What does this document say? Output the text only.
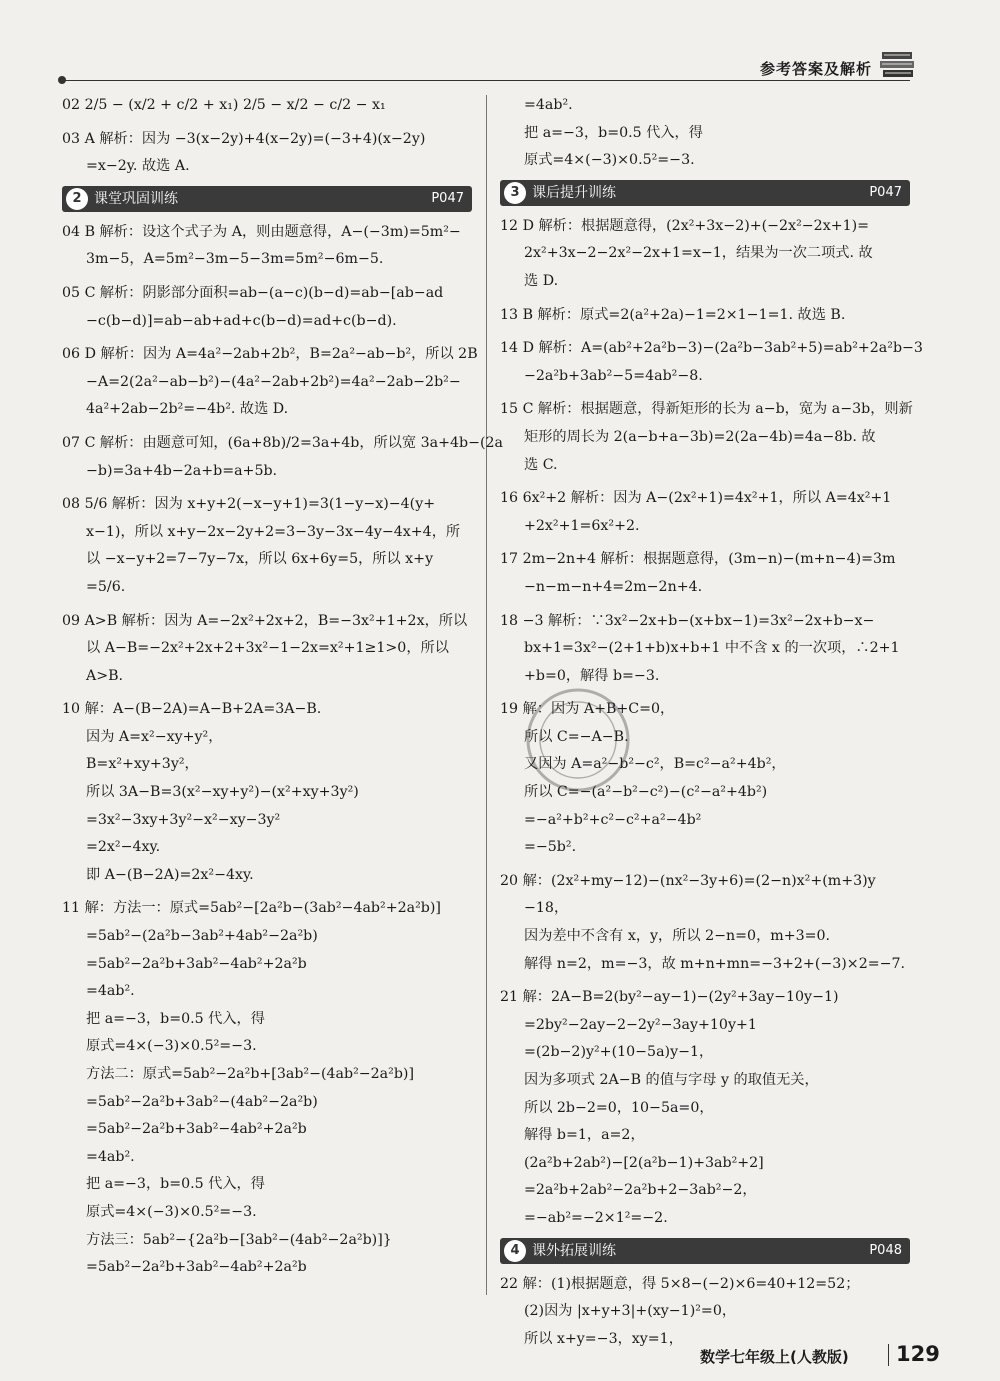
参考答案及解析
02 2/5 − (x/2 + c/2 + x₁) 2/5 − x/2 − c/2 − x₁
03 A 解析：因为 −3(x−2y)+4(x−2y)=(−3+4)(x−2y)
=x−2y. 故选 A.
2 课堂巩固训练	P047
04 B 解析：设这个式子为 A，则由题意得，A−(−3m)=5m²−
3m−5，A=5m²−3m−5−3m=5m²−6m−5.
05 C 解析：阴影部分面积=ab−(a−c)(b−d)=ab−[ab−ad
−c(b−d)]=ab−ab+ad+c(b−d)=ad+c(b−d).
06 D 解析：因为 A=4a²−2ab+2b²，B=2a²−ab−b²，所以 2B
−A=2(2a²−ab−b²)−(4a²−2ab+2b²)=4a²−2ab−2b²−
4a²+2ab−2b²=−4b². 故选 D.
07 C 解析：由题意可知，(6a+8b)/2=3a+4b，所以宽 3a+4b−(2a
−b)=3a+4b−2a+b=a+5b.
08 5/6 解析：因为 x+y+2(−x−y+1)=3(1−y−x)−4(y+
x−1)，所以 x+y−2x−2y+2=3−3y−3x−4y−4x+4，所
以 −x−y+2=7−7y−7x，所以 6x+6y=5，所以 x+y
=5/6.
09 A>B 解析：因为 A=−2x²+2x+2，B=−3x²+1+2x，所以
以 A−B=−2x²+2x+2+3x²−1−2x=x²+1≥1>0，所以
A>B.
10 解：A−(B−2A)=A−B+2A=3A−B.
因为 A=x²−xy+y²，
B=x²+xy+3y²，
所以 3A−B=3(x²−xy+y²)−(x²+xy+3y²)
=3x²−3xy+3y²−x²−xy−3y²
=2x²−4xy.
即 A−(B−2A)=2x²−4xy.
11 解：方法一：原式=5ab²−[2a²b−(3ab²−4ab²+2a²b)]
=5ab²−(2a²b−3ab²+4ab²−2a²b)
=5ab²−2a²b+3ab²−4ab²+2a²b
=4ab².
把 a=−3，b=0.5 代入，得
原式=4×(−3)×0.5²=−3.
方法二：原式=5ab²−2a²b+[3ab²−(4ab²−2a²b)]
=5ab²−2a²b+3ab²−(4ab²−2a²b)
=5ab²−2a²b+3ab²−4ab²+2a²b
=4ab².
把 a=−3，b=0.5 代入，得
原式=4×(−3)×0.5²=−3.
方法三：5ab²−{2a²b−[3ab²−(4ab²−2a²b)]}
=5ab²−2a²b+3ab²−4ab²+2a²b
=4ab².
把 a=−3，b=0.5 代入，得
原式=4×(−3)×0.5²=−3.
3 课后提升训练	P047
12 D 解析：根据题意得，(2x²+3x−2)+(−2x²−2x+1)=
2x²+3x−2−2x²−2x+1=x−1，结果为一次二项式. 故
选 D.
13 B 解析：原式=2(a²+2a)−1=2×1−1=1. 故选 B.
14 D 解析：A=(ab²+2a²b−3)−(2a²b−3ab²+5)=ab²+2a²b−3
−2a²b+3ab²−5=4ab²−8.
15 C 解析：根据题意，得新矩形的长为 a−b，宽为 a−3b，则新
矩形的周长为 2(a−b+a−3b)=2(2a−4b)=4a−8b. 故
选 C.
16 6x²+2 解析：因为 A−(2x²+1)=4x²+1，所以 A=4x²+1
+2x²+1=6x²+2.
17 2m−2n+4 解析：根据题意得，(3m−n)−(m+n−4)=3m
−n−m−n+4=2m−2n+4.
18 −3 解析：∵3x²−2x+b−(x+bx−1)=3x²−2x+b−x−
bx+1=3x²−(2+1+b)x+b+1 中不含 x 的一次项，∴2+1
+b=0，解得 b=−3.
19 解：因为 A+B+C=0，
所以 C=−A−B.
又因为 A=a²−b²−c²，B=c²−a²+4b²，
所以 C=−(a²−b²−c²)−(c²−a²+4b²)
=−a²+b²+c²−c²+a²−4b²
=−5b².
20 解：(2x²+my−12)−(nx²−3y+6)=(2−n)x²+(m+3)y
−18，
因为差中不含有 x，y，所以 2−n=0，m+3=0.
解得 n=2，m=−3，故 m+n+mn=−3+2+(−3)×2=−7.
21 解：2A−B=2(by²−ay−1)−(2y²+3ay−10y−1)
=2by²−2ay−2−2y²−3ay+10y+1
=(2b−2)y²+(10−5a)y−1，
因为多项式 2A−B 的值与字母 y 的取值无关，
所以 2b−2=0，10−5a=0，
解得 b=1，a=2，
(2a²b+2ab²)−[2(a²b−1)+3ab²+2]
=2a²b+2ab²−2a²b+2−3ab²−2，
=−ab²=−2×1²=−2.
4 课外拓展训练	P048
22 解：(1)根据题意，得 5×8−(−2)×6=40+12=52；
(2)因为 |x+y+3|+(xy−1)²=0，
所以 x+y=−3，xy=1，
数学七年级上(人教版) 129
